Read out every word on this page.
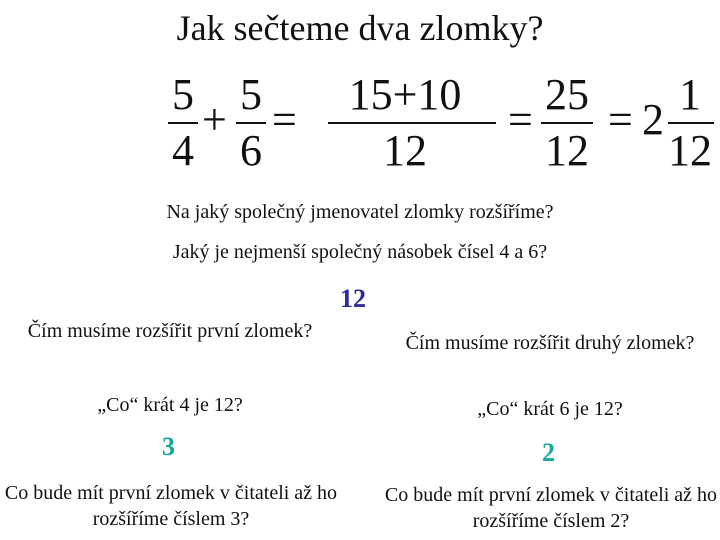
Jak sečteme dva zlomky?
5
4
+
5
6
=
15+10
12
=
25
12
= 2
1
12
Na jaký společný jmenovatel zlomky rozšíříme?
Jaký je nejmenší společný násobek čísel 4 a 6?
12
Čím musíme rozšířit první zlomek?
„Co“ krát 4 je 12?
3
Co bude mít první zlomek v čitateli až ho rozšíříme číslem 3?
Čím musíme rozšířit druhý zlomek?
„Co“ krát 6 je 12?
2
Co bude mít první zlomek v čitateli až ho rozšíříme číslem 2?
